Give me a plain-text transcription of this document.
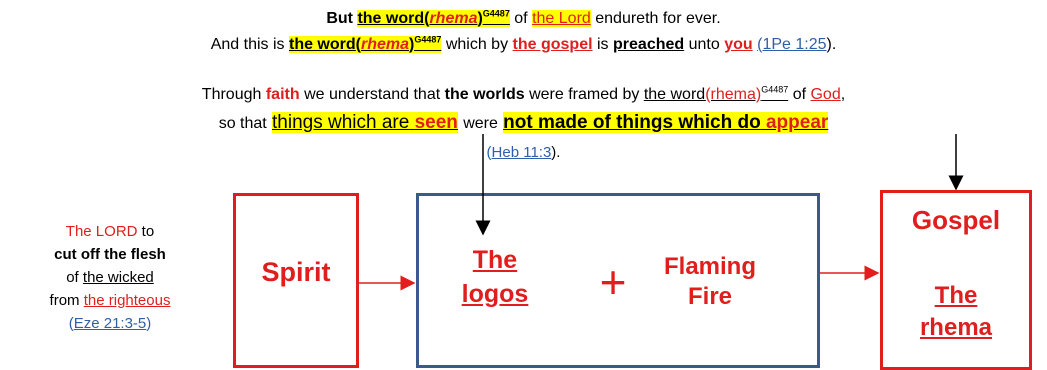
But the word(rhema)$^{G4487}$ of the Lord endureth for ever.
And this is the word(rhema)$^{G4487}$ which by the gospel is preached unto you (1Pe 1:25).
Through faith we understand that the worlds were framed by the word(rhema)$^{G4487}$ of God,
so that things which are seen were not made of things which do appear
(Heb 11:3).
The LORD to
cut off the flesh
of the wicked
from the righteous
(Eze 21:3-5)
Spirit	The
logos	+	Flaming
Fire
Gospel
The
rhema
